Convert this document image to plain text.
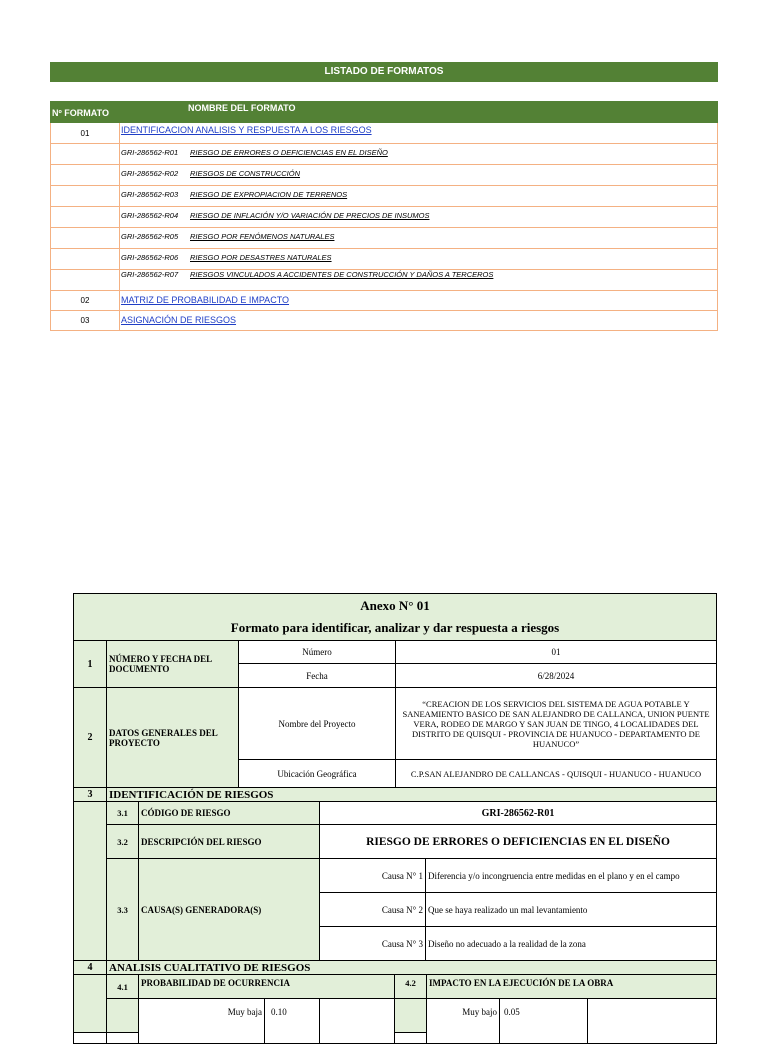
LISTADO DE FORMATOS
Nº FORMATO	NOMBRE DEL FORMATO
01	IDENTIFICACION ANALISIS Y RESPUESTA A LOS RIESGOS
GRI-286562-R01 RIESGO DE ERRORES O DEFICIENCIAS EN EL DISEÑO
GRI-286562-R02 RIESGOS DE CONSTRUCCIÓN
GRI-286562-R03 RIESGO DE EXPROPIACION DE TERRENOS
GRI-286562-R04 RIESGO DE INFLACIÓN Y/O VARIACIÓN DE PRECIOS DE INSUMOS
GRI-286562-R05 RIESGO POR FENÓMENOS NATURALES
GRI-286562-R06 RIESGO POR DESASTRES NATURALES
GRI-286562-R07 RIESGOS VINCULADOS A ACCIDENTES DE CONSTRUCCIÓN Y DAÑOS A TERCEROS
02	MATRIZ DE PROBABILIDAD E IMPACTO
03	ASIGNACIÓN DE RIESGOS
Anexo N° 01
Formato para identificar, analizar y dar respuesta a riesgos
1	NÚMERO Y FECHA DEL DOCUMENTO
Número	01
Fecha	6/28/2024
2	DATOS GENERALES DEL PROYECTO
Nombre del Proyecto
“CREACION DE LOS SERVICIOS DEL SISTEMA DE AGUA POTABLE Y SANEAMIENTO BASICO DE SAN ALEJANDRO DE CALLANCA, UNION PUENTE VERA, RODEO DE MARGO Y SAN JUAN DE TINGO, 4 LOCALIDADES DEL DISTRITO DE QUISQUI - PROVINCIA DE HUANUCO - DEPARTAMENTO DE HUANUCO”
Ubicación Geográfica	C.P.SAN ALEJANDRO DE CALLANCAS - QUISQUI - HUANUCO - HUANUCO
3	IDENTIFICACIÓN DE RIESGOS
3.1	CÓDIGO DE RIESGO	GRI-286562-R01
3.2	DESCRIPCIÓN DEL RIESGO	RIESGO DE ERRORES O DEFICIENCIAS EN EL DISEÑO
3.3	CAUSA(S) GENERADORA(S)
Causa N° 1 Diferencia y/o incongruencia entre medidas en el plano y en el campo
Causa N° 2 Que se haya realizado un mal levantamiento
Causa N° 3 Diseño no adecuado a la realidad de la zona
4	ANALISIS CUALITATIVO DE RIESGOS
4.1	PROBABILIDAD DE OCURRENCIA	4.2	IMPACTO EN LA EJECUCIÓN DE LA OBRA
Muy baja	0.10	Muy bajo 0.05
